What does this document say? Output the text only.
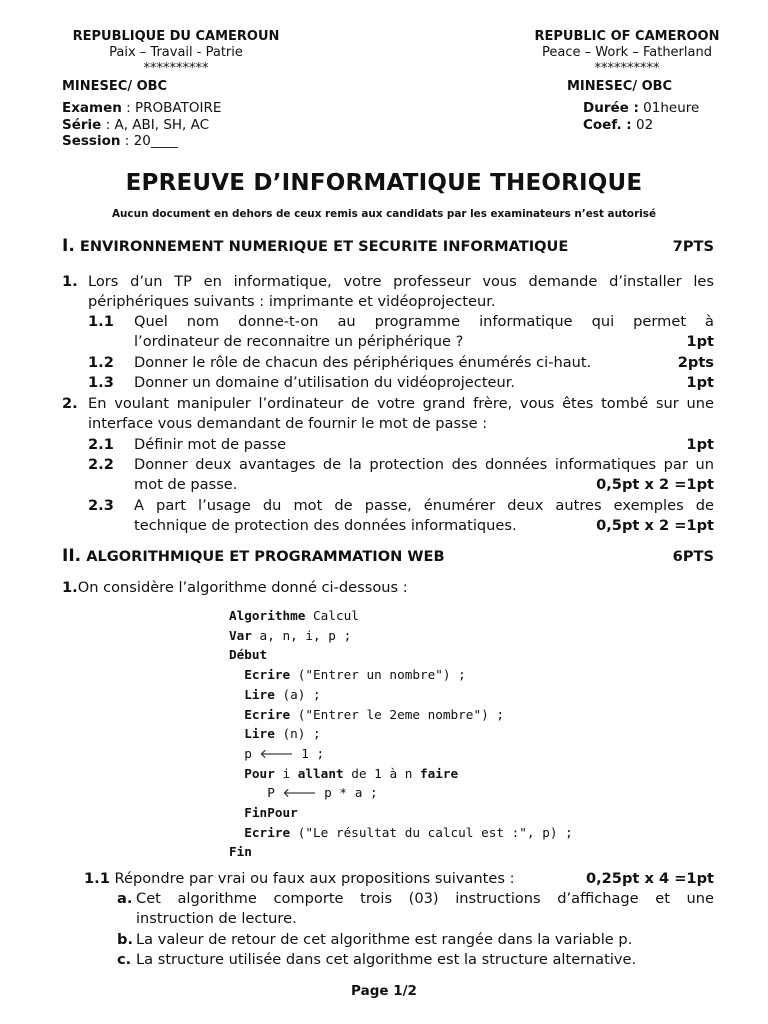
REPUBLIQUE DU CAMEROUN
Paix – Travail - Patrie
**********
REPUBLIC OF CAMEROON
Peace – Work – Fatherland
**********
MINESEC/ OBC	MINESEC/ OBC
Examen : PROBATOIRE
Série : A, ABI, SH, AC
Session : 20____
Durée : 01heure
Coef. : 02
EPREUVE D’INFORMATIQUE THEORIQUE
Aucun document en dehors de ceux remis aux candidats par les examinateurs n’est autorisé
I. ENVIRONNEMENT NUMERIQUE ET SECURITE INFORMATIQUE	7PTS
1. Lors d’un TP en informatique, votre professeur vous demande d’installer les
périphériques suivants : imprimante et vidéoprojecteur.
1.1 Quel nom donne-t-on au programme informatique qui permet à
l’ordinateur de reconnaitre un périphérique ?	1pt
1.2 Donner le rôle de chacun des périphériques énumérés ci-haut.	2pts
1.3 Donner un domaine d’utilisation du vidéoprojecteur.	1pt
2. En voulant manipuler l’ordinateur de votre grand frère, vous êtes tombé sur une
interface vous demandant de fournir le mot de passe :
2.1 Définir mot de passe	1pt
2.2 Donner deux avantages de la protection des données informatiques par un
mot de passe.	0,5pt x 2 =1pt
2.3 A part l’usage du mot de passe, énumérer deux autres exemples de
technique de protection des données informatiques.	0,5pt x 2 =1pt
II. ALGORITHMIQUE ET PROGRAMMATION WEB	6PTS
1.On considère l’algorithme donné ci-dessous :
Algorithme Calcul
Var a, n, i, p ;
Début
Ecrire ("Entrer un nombre") ;
Lire (a) ;
Ecrire ("Entrer le 2eme nombre") ;
Lire (n) ;
p 🡐 1 ;
Pour i allant de 1 à n faire
P 🡐 p * a ;
FinPour
Ecrire ("Le résultat du calcul est :", p) ;
Fin
1.1 Répondre par vrai ou faux aux propositions suivantes :	0,25pt x 4 =1pt
a. Cet algorithme comporte trois (03) instructions d’affichage et une
instruction de lecture.
b. La valeur de retour de cet algorithme est rangée dans la variable p.
c. La structure utilisée dans cet algorithme est la structure alternative.
Page 1/2
